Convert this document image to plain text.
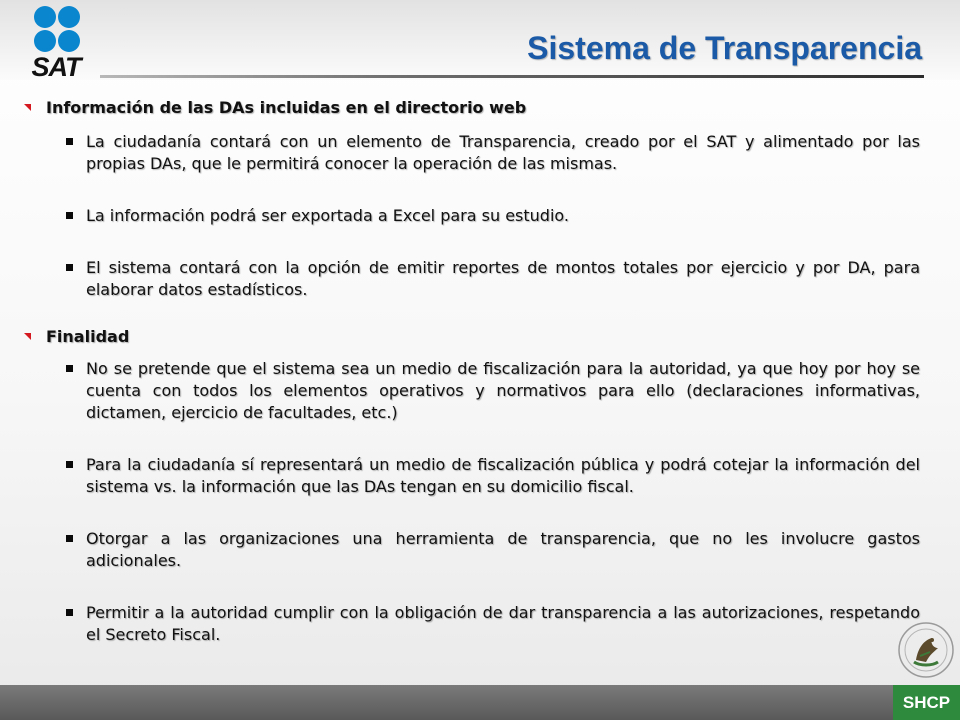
SAT
Sistema de Transparencia
Información de las DAs incluidas en el directorio web

La ciudadanía contará con un elemento de Transparencia, creado por el SAT y alimentado por las propias DAs, que le permitirá conocer la operación de las mismas.

La información podrá ser exportada a Excel para su estudio.

El sistema contará con la opción de emitir reportes de montos totales por ejercicio y por DA, para elaborar datos estadísticos.

Finalidad

No se pretende que el sistema sea un medio de fiscalización para la autoridad, ya que hoy por hoy se cuenta con todos los elementos operativos y normativos para ello (declaraciones informativas, dictamen, ejercicio de facultades, etc.)

Para la ciudadanía sí representará un medio de fiscalización pública y podrá cotejar la información del sistema vs. la información que las DAs tengan en su domicilio fiscal.

Otorgar a las organizaciones una herramienta de transparencia, que no les involucre gastos adicionales.

Permitir a la autoridad cumplir con la obligación de dar transparencia a las autorizaciones, respetando el Secreto Fiscal.

SHCP
